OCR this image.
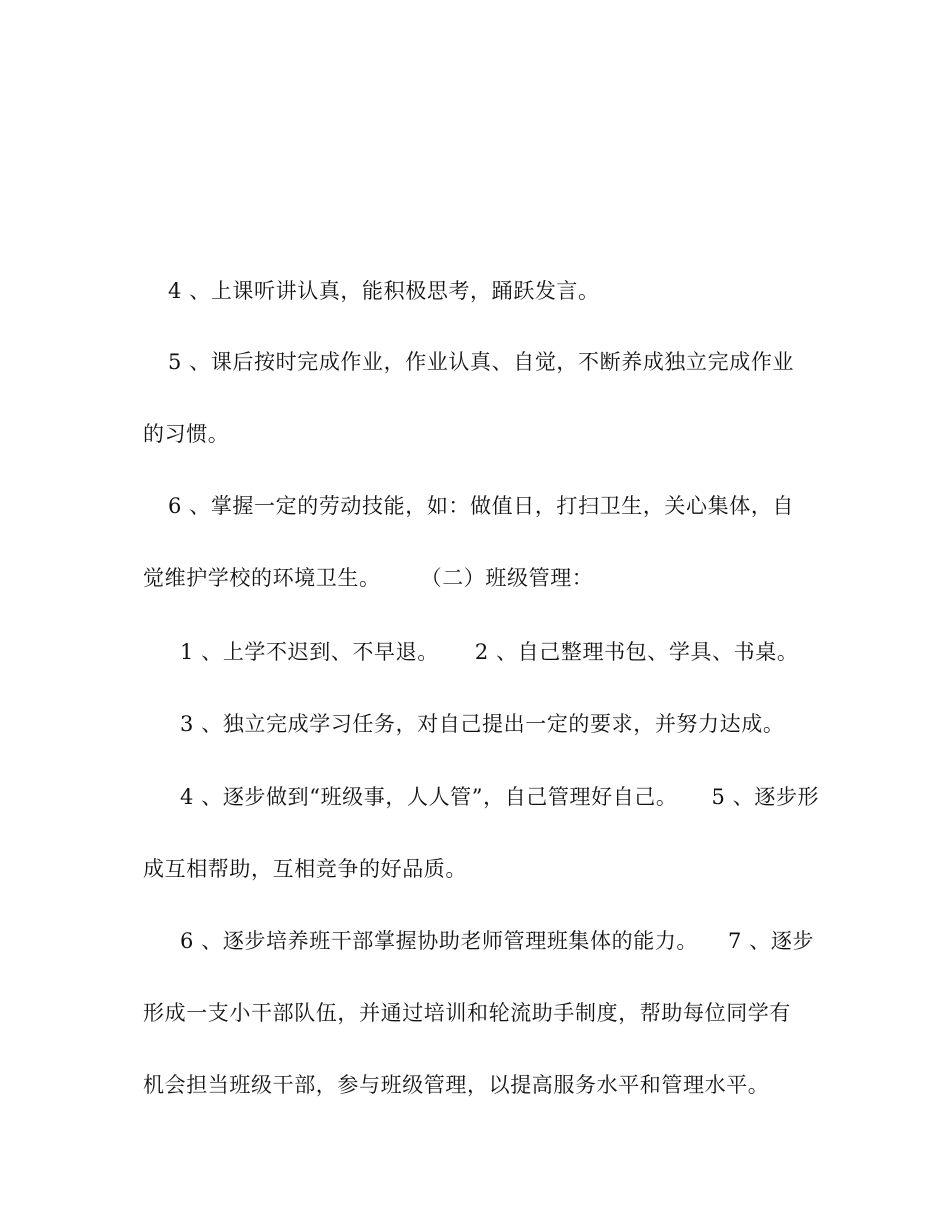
4 、上课听讲认真，能积极思考，踊跃发言。
5 、课后按时完成作业，作业认真、自觉，不断养成独立完成作业
的习惯。
6 、掌握一定的劳动技能，如：做值日，打扫卫生，关心集体，自
觉维护学校的环境卫生。 （二）班级管理：
1 、上学不迟到、不早退。 2 、自己整理书包、学具、书桌。
3 、独立完成学习任务，对自己提出一定的要求，并努力达成。
4 、逐步做到“班级事，人人管”，自己管理好自己。 5 、逐步形
成互相帮助，互相竞争的好品质。
6 、逐步培养班干部掌握协助老师管理班集体的能力。 7 、逐步
形成一支小干部队伍，并通过培训和轮流助手制度，帮助每位同学有
机会担当班级干部，参与班级管理，以提高服务水平和管理水平。
